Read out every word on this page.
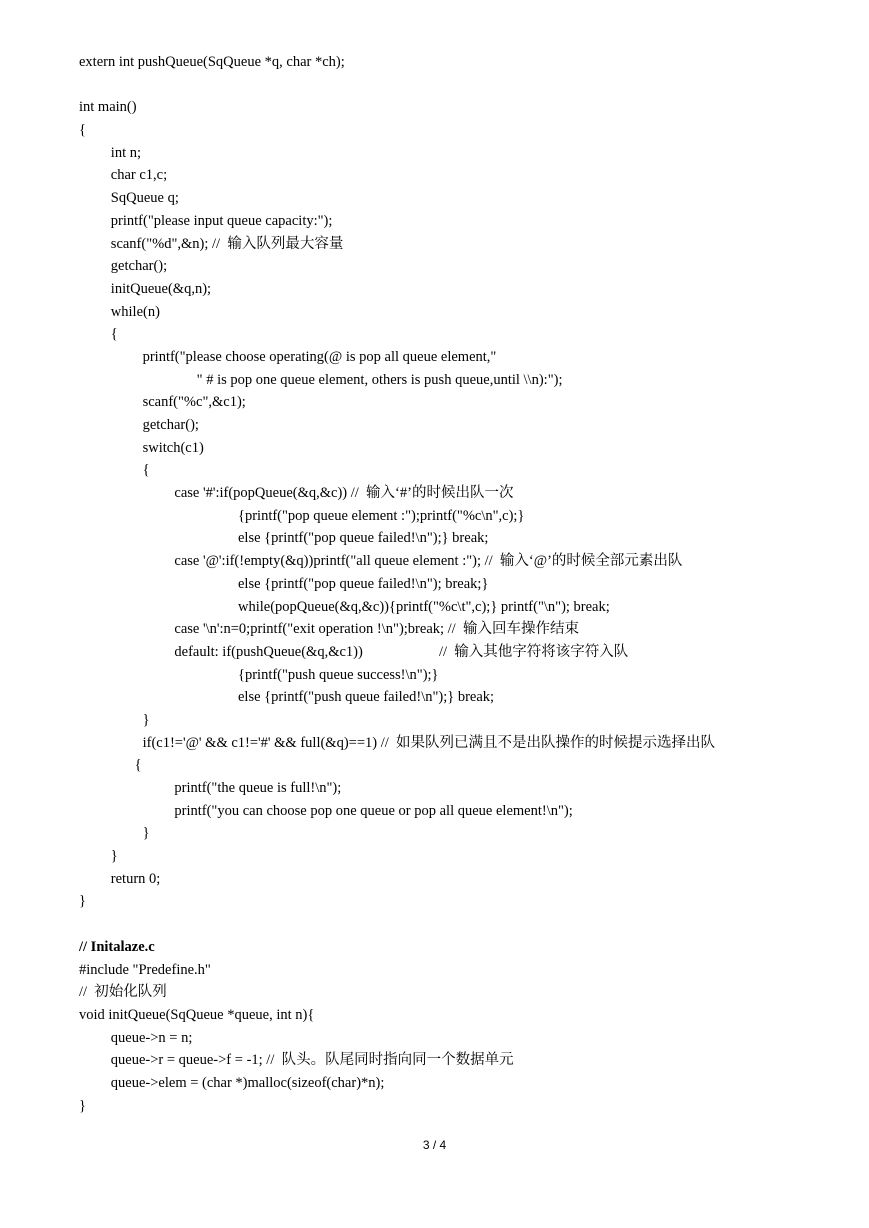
extern int pushQueue(SqQueue *q, char *ch);
int main()
{
int n;
char c1,c;
SqQueue q;
printf("please input queue capacity:");
scanf("%d",&n); //  输入队列最大容量
getchar();
initQueue(&q,n);
while(n)
{
printf("please choose operating(@ is pop all queue element,"
" # is pop one queue element, others is push queue,until \\n):");
scanf("%c",&c1);
getchar();
switch(c1)
{
case '#':if(popQueue(&q,&c)) //  输入‘#’的时候出队一次
{printf("pop queue element :");printf("%c\n",c);}
else {printf("pop queue failed!\n");} break;
case '@':if(!empty(&q))printf("all queue element :"); //  输入‘@’的时候全部元素出队
else {printf("pop queue failed!\n"); break;}
while(popQueue(&q,&c)){printf("%c\t",c);} printf("\n"); break;
case '\n':n=0;printf("exit operation !\n");break; //  输入回车操作结束
default: if(pushQueue(&q,&c1))                     //  输入其他字符将该字符入队
{printf("push queue success!\n");}
else {printf("push queue failed!\n");} break;
}
if(c1!='@' && c1!='#' && full(&q)==1) //  如果队列已满且不是出队操作的时候提示选择出队
{
printf("the queue is full!\n");
printf("you can choose pop one queue or pop all queue element!\n");
}
}
return 0;
}
// Initalaze.c
#include "Predefine.h"
//  初始化队列
void initQueue(SqQueue *queue, int n){
queue->n = n;
queue->r = queue->f = -1; //  队头。队尾同时指向同一个数据单元
queue->elem = (char *)malloc(sizeof(char)*n);
}
3 / 4
